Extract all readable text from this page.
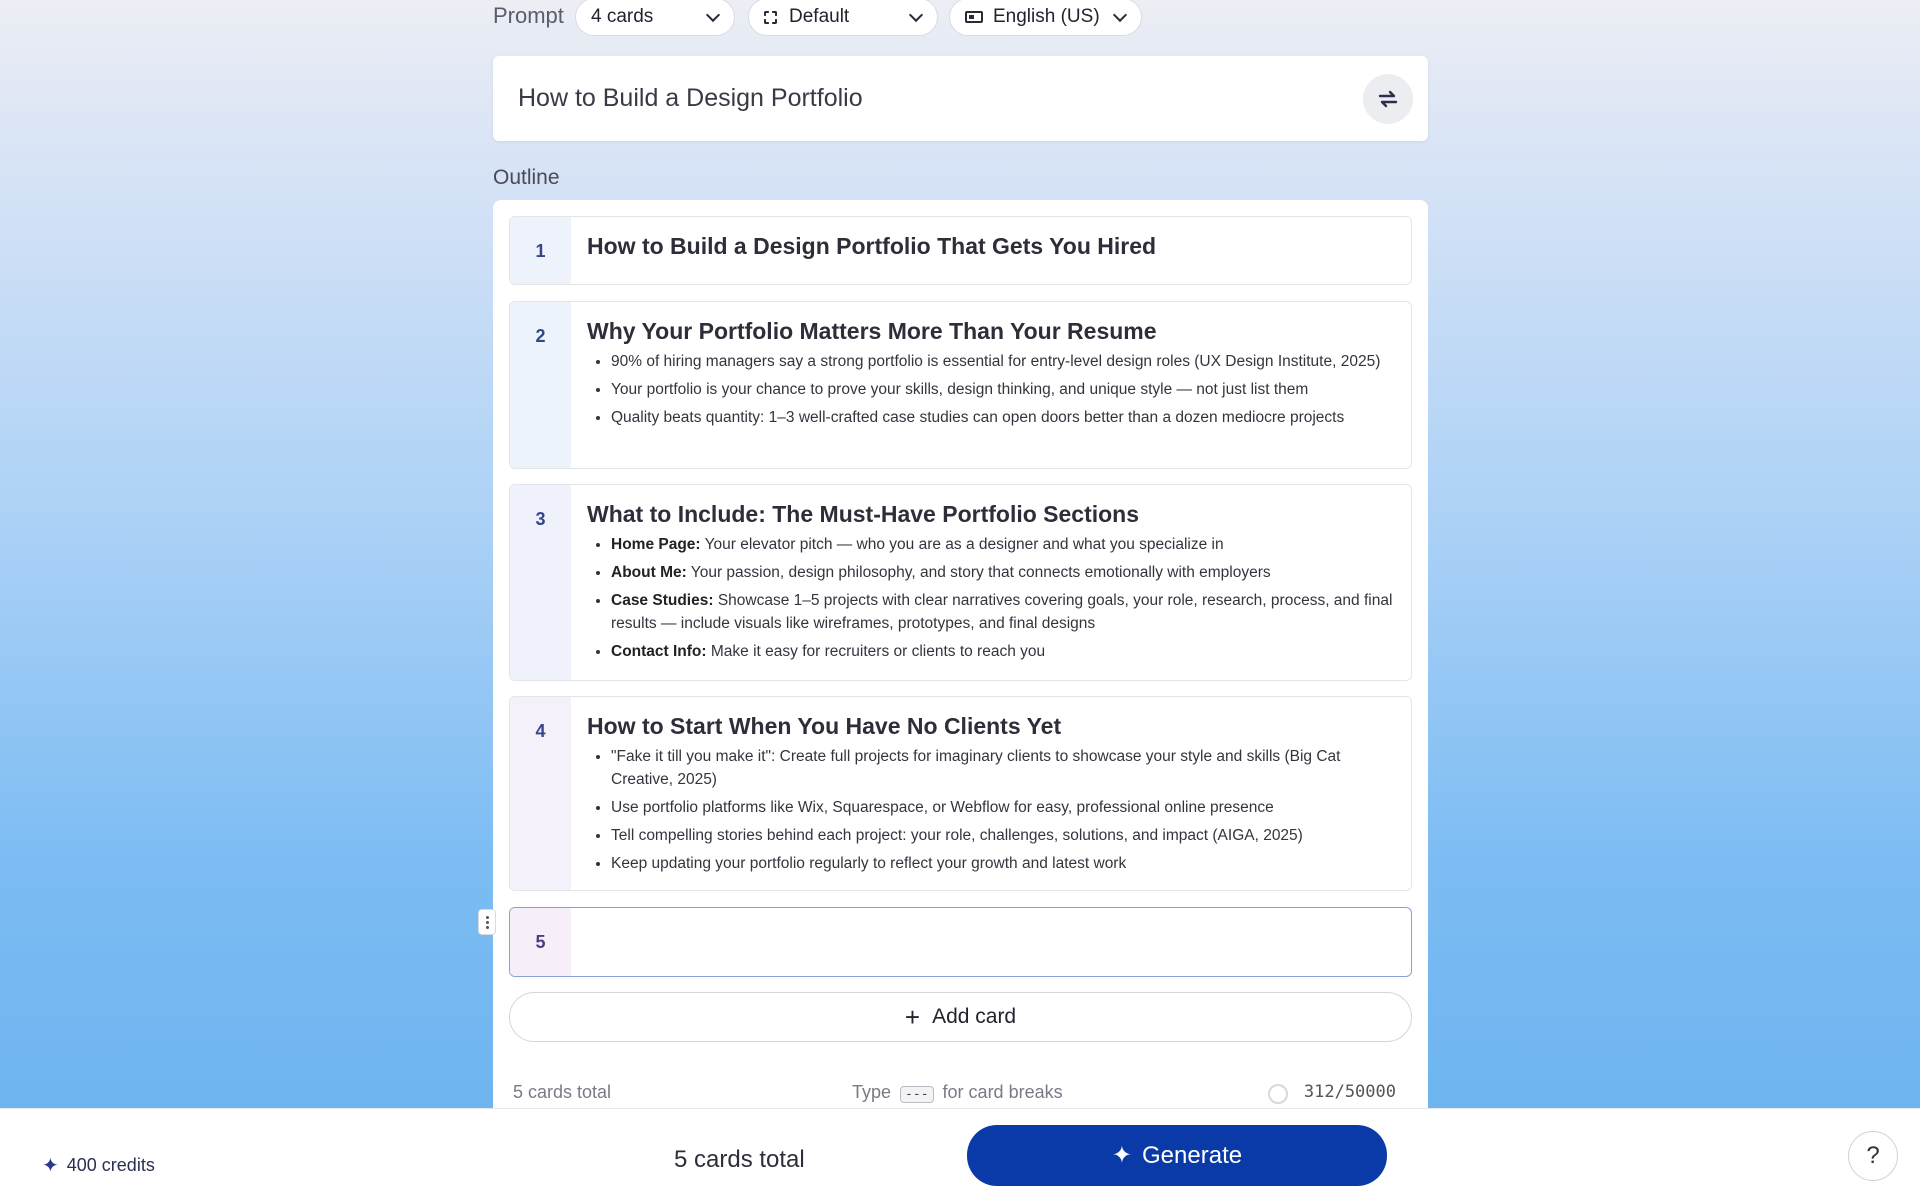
Prompt 4 cards	Default	English (US)
How to Build a Design Portfolio
Outline
1	How to Build a Design Portfolio That Gets You Hired
2	Why Your Portfolio Matters More Than Your Resume
• 90% of hiring managers say a strong portfolio is essential for entry-level design roles (UX Design Institute, 2025)
• Your portfolio is your chance to prove your skills, design thinking, and unique style — not just list them
• Quality beats quantity: 1–3 well-crafted case studies can open doors better than a dozen mediocre projects
3	What to Include: The Must-Have Portfolio Sections
• Home Page: Your elevator pitch — who you are as a designer and what you specialize in
• About Me: Your passion, design philosophy, and story that connects emotionally with employers
• Case Studies: Showcase 1–5 projects with clear narratives covering goals, your role, research, process, and final results — include visuals like wireframes, prototypes, and final designs
• Contact Info: Make it easy for recruiters or clients to reach you
4	How to Start When You Have No Clients Yet
• "Fake it till you make it": Create full projects for imaginary clients to showcase your style and skills (Big Cat Creative, 2025)
• Use portfolio platforms like Wix, Squarespace, or Webflow for easy, professional online presence
• Tell compelling stories behind each project: your role, challenges, solutions, and impact (AIGA, 2025)
• Keep updating your portfolio regularly to reflect your growth and latest work
5
+ Add card
5 cards total	Type --- for card breaks	312/50000
✦ 400 credits	5 cards total	✦ Generate	?
